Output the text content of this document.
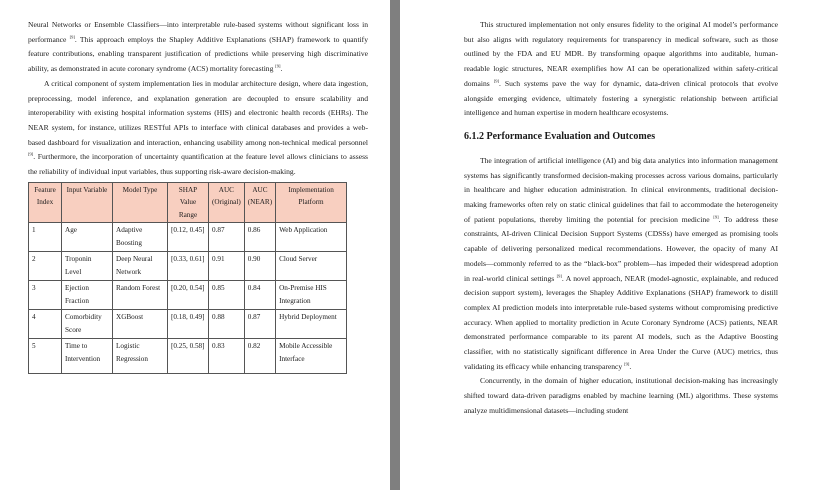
Neural Networks or Ensemble Classifiers—into interpretable rule-based systems without significant loss in performance [9]. This approach employs the Shapley Additive Explanations (SHAP) framework to quantify feature contributions, enabling transparent justification of predictions while preserving high discriminative ability, as demonstrated in acute coronary syndrome (ACS) mortality forecasting [9].

A critical component of system implementation lies in modular architecture design, where data ingestion, preprocessing, model inference, and explanation generation are decoupled to ensure scalability and interoperability with existing hospital information systems (HIS) and electronic health records (EHRs). The NEAR system, for instance, utilizes RESTful APIs to interface with clinical databases and provides a web-based dashboard for visualization and interaction, enhancing usability among non-technical medical personnel [9]. Furthermore, the incorporation of uncertainty quantification at the feature level allows clinicians to assess the reliability of individual input variables, thus supporting risk-aware decision-making.

Feature Index	Input Variable	Model Type	SHAP Value Range	AUC (Original)	AUC (NEAR)	Implementation Platform
1	Age	Adaptive Boosting	[0.12, 0.45]	0.87	0.86	Web Application
2	Troponin Level	Deep Neural Network	[0.33, 0.61]	0.91	0.90	Cloud Server
3	Ejection Fraction	Random Forest	[0.20, 0.54]	0.85	0.84	On-Premise HIS Integration
4	Comorbidity Score	XGBoost	[0.18, 0.49]	0.88	0.87	Hybrid Deployment
5	Time to Intervention	Logistic Regression	[0.25, 0.58]	0.83	0.82	Mobile Accessible Interface

This structured implementation not only ensures fidelity to the original AI model’s performance but also aligns with regulatory requirements for transparency in medical software, such as those outlined by the FDA and EU MDR. By transforming opaque algorithms into auditable, human-readable logic structures, NEAR exemplifies how AI can be operationalized within safety-critical domains [9]. Such systems pave the way for dynamic, data-driven clinical protocols that evolve alongside emerging evidence, ultimately fostering a synergistic relationship between artificial intelligence and human expertise in modern healthcare ecosystems.

6.1.2 Performance Evaluation and Outcomes

The integration of artificial intelligence (AI) and big data analytics into information management systems has significantly transformed decision-making processes across various domains, particularly in healthcare and higher education administration. In clinical environments, traditional decision-making frameworks often rely on static clinical guidelines that fail to accommodate the heterogeneity of patient populations, thereby limiting the potential for precision medicine [9]. To address these constraints, AI-driven Clinical Decision Support Systems (CDSSs) have emerged as promising tools capable of delivering personalized medical recommendations. However, the opacity of many AI models—commonly referred to as the “black-box” problem—has impeded their widespread adoption in real-world clinical settings [9]. A novel approach, NEAR (model-agnostic, explainable, and reduced decision support system), leverages the Shapley Additive Explanations (SHAP) framework to distill complex AI prediction models into interpretable rule-based systems without compromising predictive accuracy. When applied to mortality prediction in Acute Coronary Syndrome (ACS) patients, NEAR demonstrated performance comparable to its parent AI models, such as the Adaptive Boosting classifier, with no statistically significant difference in Area Under the Curve (AUC) metrics, thus validating its efficacy while enhancing transparency [9].

Concurrently, in the domain of higher education, institutional decision-making has increasingly shifted toward data-driven paradigms enabled by machine learning (ML) algorithms. These systems analyze multidimensional datasets—including student
